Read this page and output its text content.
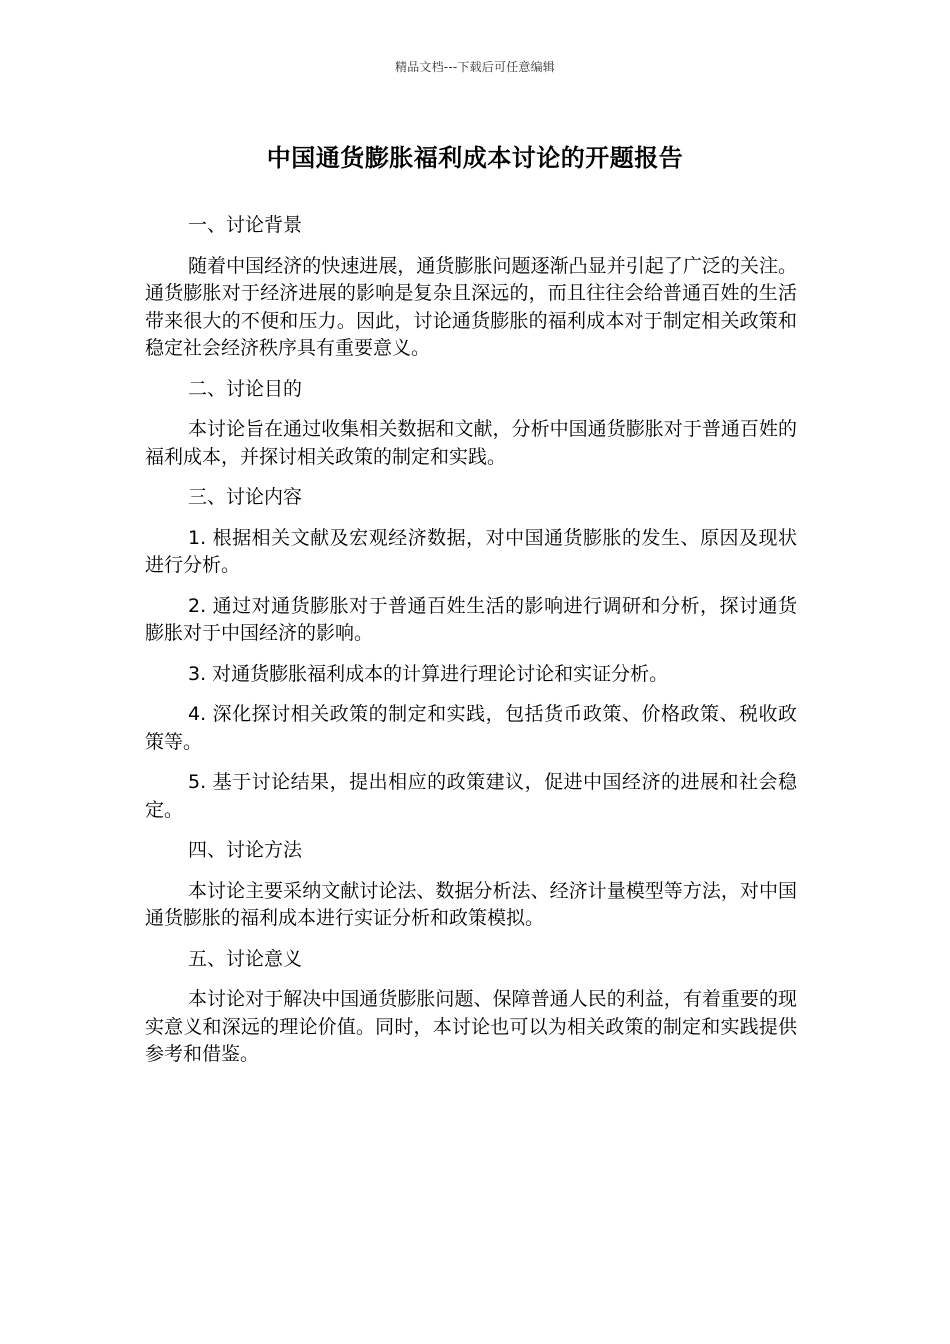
精品文档---下载后可任意编辑
中国通货膨胀福利成本讨论的开题报告
一、讨论背景
随着中国经济的快速进展，通货膨胀问题逐渐凸显并引起了广泛的关注。通货膨胀对于经济进展的影响是复杂且深远的，而且往往会给普通百姓的生活带来很大的不便和压力。因此，讨论通货膨胀的福利成本对于制定相关政策和稳定社会经济秩序具有重要意义。
二、讨论目的
本讨论旨在通过收集相关数据和文献，分析中国通货膨胀对于普通百姓的福利成本，并探讨相关政策的制定和实践。
三、讨论内容
1. 根据相关文献及宏观经济数据，对中国通货膨胀的发生、原因及现状进行分析。
2. 通过对通货膨胀对于普通百姓生活的影响进行调研和分析，探讨通货膨胀对于中国经济的影响。
3. 对通货膨胀福利成本的计算进行理论讨论和实证分析。
4. 深化探讨相关政策的制定和实践，包括货币政策、价格政策、税收政策等。
5. 基于讨论结果，提出相应的政策建议，促进中国经济的进展和社会稳定。
四、讨论方法
本讨论主要采纳文献讨论法、数据分析法、经济计量模型等方法，对中国通货膨胀的福利成本进行实证分析和政策模拟。
五、讨论意义
本讨论对于解决中国通货膨胀问题、保障普通人民的利益，有着重要的现实意义和深远的理论价值。同时，本讨论也可以为相关政策的制定和实践提供参考和借鉴。
